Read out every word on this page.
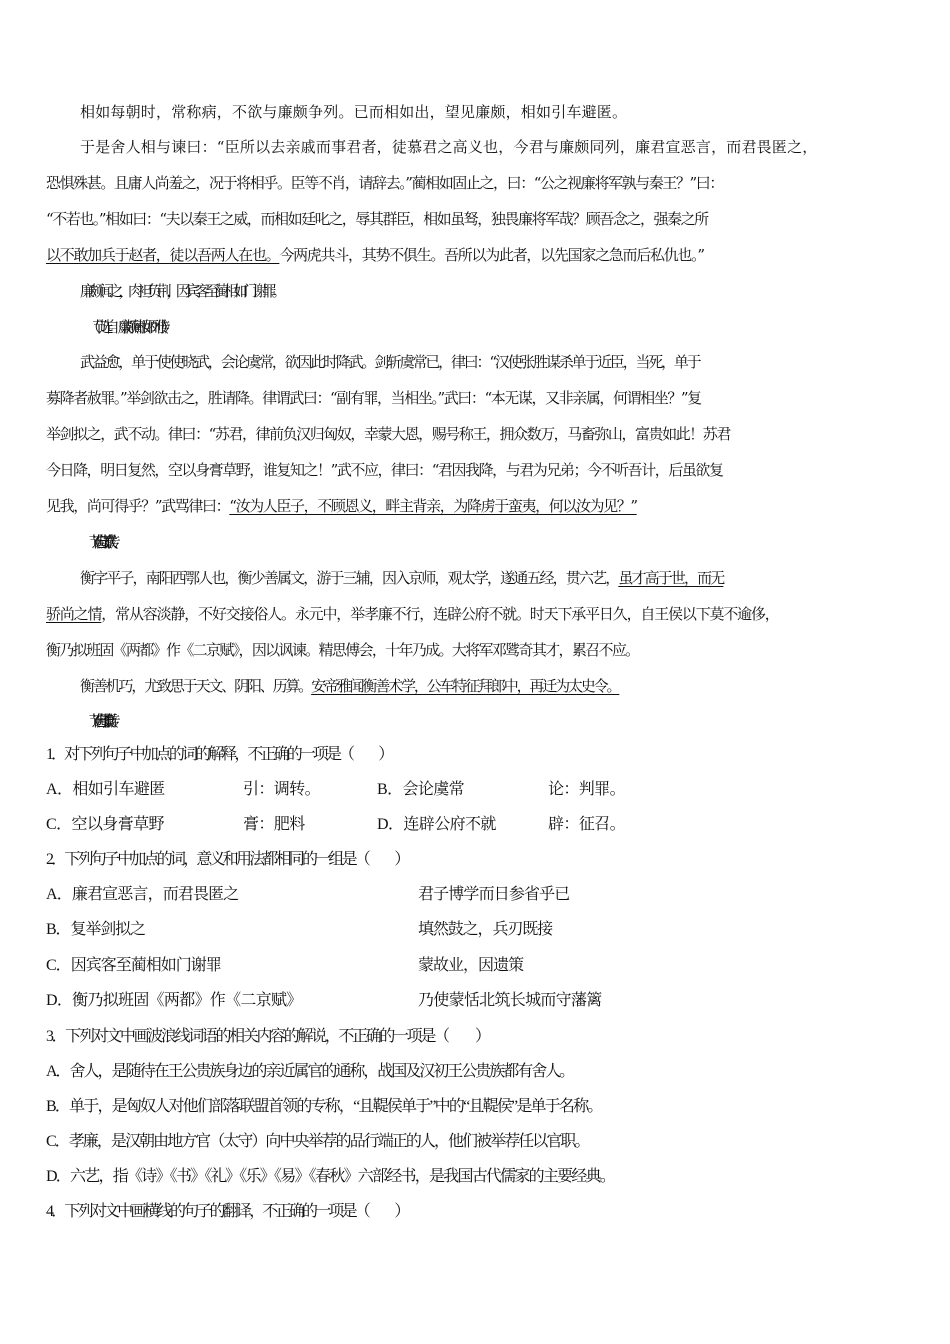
相如每朝时，常称病，不欲与廉颇争列。已而相如出，望见廉颇，相如引车避匿。
于是舍人相与谏曰：“臣所以去亲戚而事君者，徒慕君之高义也，今君与廉颇同列，廉君宣恶言，而君畏匿之，
恐惧殊甚。且庸人尚羞之，况于将相乎。臣等不肖，请辞去。”蔺相如固止之，曰：“公之视廉将军孰与秦王？”曰：
“不若也。”相如曰：“夫以秦王之威，而相如廷叱之，辱其群臣，相如虽驽，独畏廉将军哉？顾吾念之，强秦之所
以不敢加兵于赵者，徒以吾两人在也。今两虎共斗，其势不俱生。吾所以为此者，以先国家之急而后私仇也。”
廉颇闻之，肉袒负荆，因宾客至蔺相如门谢罪。
（节选自《廉颇蔺相如列传》）
武益愈，单于使使晓武，会论虞常，欲因此时降武。剑斩虞常已，律曰：“汉使张胜谋杀单于近臣，当死，单于
募降者赦罪。”举剑欲击之，胜请降。律谓武曰：“副有罪，当相坐。”武曰：“本无谋，又非亲属，何谓相坐？”复
举剑拟之，武不动。律曰：“苏君，律前负汉归匈奴，幸蒙大恩，赐号称王，拥众数万，马畜弥山，富贵如此！苏君
今日降，明日复然，空以身膏草野，谁复知之！”武不应，律曰：“君因我降，与君为兄弟；今不听吾计，后虽欲复
见我，尚可得乎？”武骂律曰：“汝为人臣子，不顾恩义，畔主背亲，为降虏于蛮夷，何以汝为见？”
（节选自《苏武传》）
衡字平子，南阳西鄂人也，衡少善属文，游于三辅，因入京师，观太学，遂通五经，贯六艺，虽才高于世，而无
骄尚之情，常从容淡静，不好交接俗人。永元中，举孝廉不行，连辟公府不就。时天下承平日久，自王侯以下莫不逾侈，
衡乃拟班固《两都》作《二京赋》，因以讽谏。精思傅会，十年乃成。大将军邓骘奇其才，累召不应。
衡善机巧，尤致思于天文、阴阳、历算。安帝雅闻衡善术学，公车特征拜郎中，再迁为太史令。
（节选自《张衡传》）
1．对下列句子中加点的词的解释，不正确的一项是（　　）
A．相如引车避匿	引：调转。	B．会论虞常	论：判罪。
C．空以身膏草野	膏：肥料	D．连辟公府不就	辟：征召。
2．下列句子中加点的词，意义和用法都相同的一组是（　　）
A．廉君宣恶言，而君畏匿之	君子博学而日参省乎已
B．复举剑拟之	填然鼓之，兵刃既接
C．因宾客至蔺相如门谢罪	蒙故业，因遗策
D．衡乃拟班固《两都》作《二京赋》	乃使蒙恬北筑长城而守藩篱
3．下列对文中画波浪线词语的相关内容的解说，不正确的一项是（　　）
A．舍人，是随待在王公贵族身边的亲近属官的通称，战国及汉初王公贵族都有舍人。
B．单于，是匈奴人对他们部落联盟首领的专称，“且鞮侯单于”中的“且鞮侯”是单于名称。
C．孝廉，是汉朝由地方官（太守）向中央举荐的品行端正的人，他们被举荐任以官职。
D．六艺，指《诗》《书》《礼》《乐》《易》《春秋》六部经书，是我国古代儒家的主要经典。
4．下列对文中画横线的句子的翻译，不正确的一项是（　　）
